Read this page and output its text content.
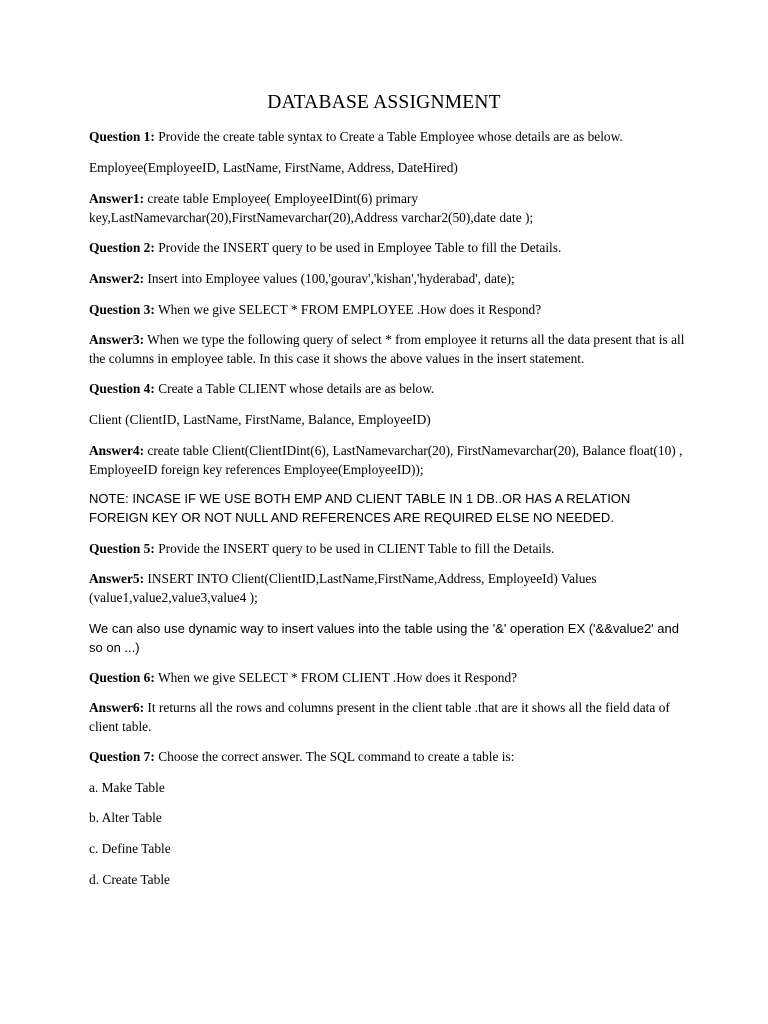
DATABASE ASSIGNMENT

Question 1: Provide the create table syntax to Create a Table Employee whose details are as below.

Employee(EmployeeID, LastName, FirstName, Address, DateHired)

Answer1: create table Employee( EmployeeIDint(6) primary key,LastNamevarchar(20),FirstNamevarchar(20),Address varchar2(50),date date );

Question 2: Provide the INSERT query to be used in Employee Table to fill the Details.

Answer2: Insert into Employee values (100,'gourav','kishan','hyderabad', date);

Question 3: When we give SELECT * FROM EMPLOYEE .How does it Respond?

Answer3: When we type the following query of select * from employee it returns all the data present that is all the columns in employee table. In this case it shows the above values in the insert statement.

Question 4: Create a Table CLIENT whose details are as below.

Client (ClientID, LastName, FirstName, Balance, EmployeeID)

Answer4: create table Client(ClientIDint(6), LastNamevarchar(20), FirstNamevarchar(20), Balance float(10) , EmployeeID foreign key references Employee(EmployeeID));

NOTE: INCASE IF WE USE BOTH EMP AND CLIENT TABLE IN 1 DB..OR HAS A RELATION FOREIGN KEY OR NOT NULL AND REFERENCES ARE REQUIRED ELSE NO NEEDED.

Question 5: Provide the INSERT query to be used in CLIENT Table to fill the Details.

Answer5: INSERT INTO Client(ClientID,LastName,FirstName,Address, EmployeeId) Values (value1,value2,value3,value4 );

We can also use dynamic way to insert values into the table using the '&' operation EX ('&&value2' and so on ...)

Question 6: When we give SELECT * FROM CLIENT .How does it Respond?

Answer6: It returns all the rows and columns present in the client table .that are it shows all the field data of client table.

Question 7: Choose the correct answer. The SQL command to create a table is:

a. Make Table

b. Alter Table

c. Define Table

d. Create Table
